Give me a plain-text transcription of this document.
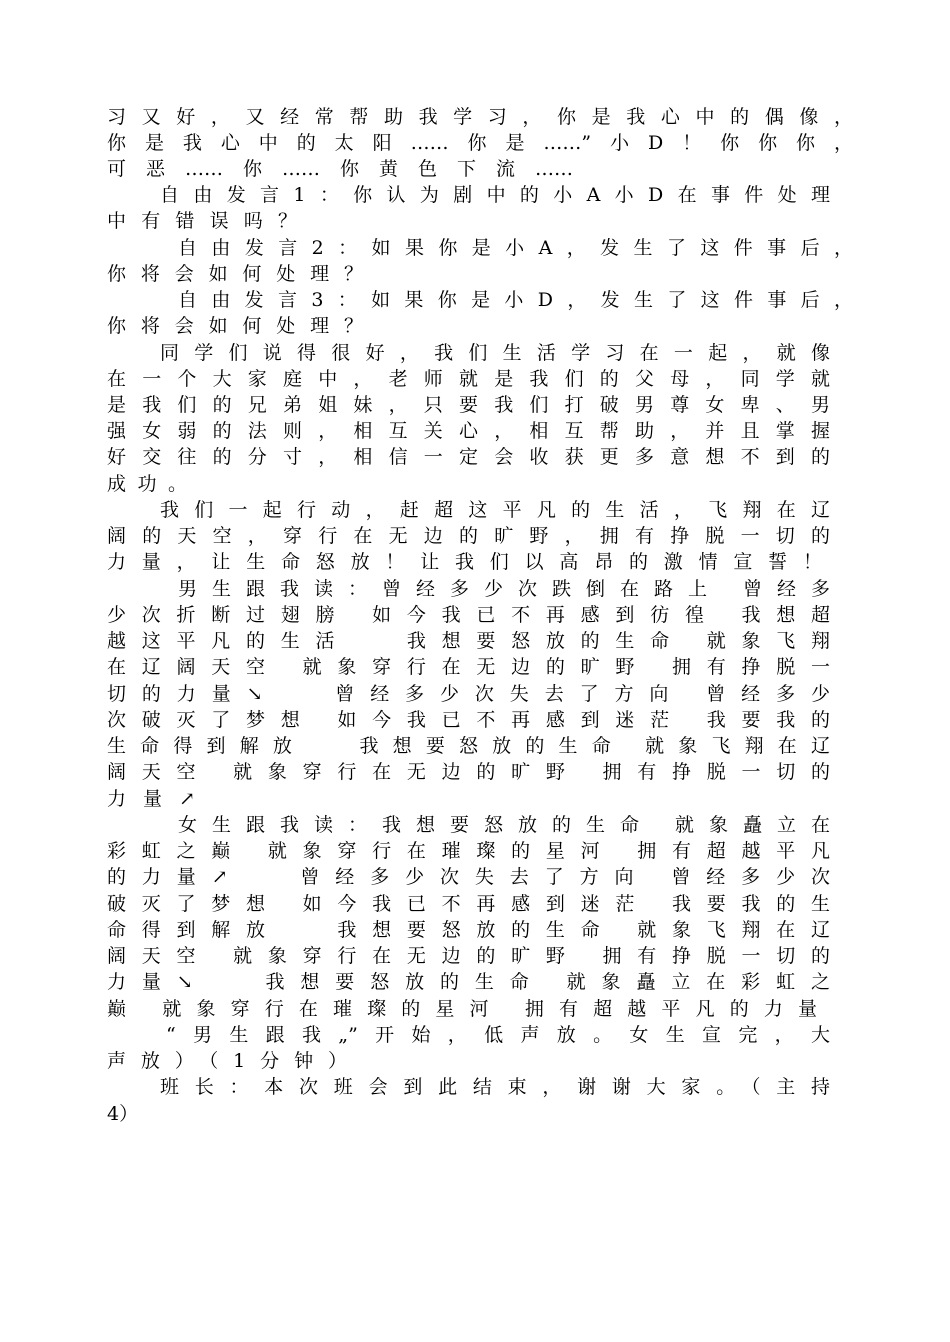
习又好，又经常帮助我学习，你是我心中的偶像，

你是我心中的太阳……你是……”小D！你你你，

可恶……你……你黄色下流……

自由发言1：你认为剧中的小A小D在事件处理

中有错误吗？

自由发言2：如果你是小A，发生了这件事后，

你将会如何处理？

自由发言3：如果你是小D，发生了这件事后，

你将会如何处理？

同学们说得很好，我们生活学习在一起，就像

在一个大家庭中，老师就是我们的父母，同学就

是我们的兄弟姐妹，只要我们打破男尊女卑、男

强女弱的法则，相互关心，相互帮助，并且掌握

好交往的分寸，相信一定会收获更多意想不到的

成功。

我们一起行动，赶超这平凡的生活，飞翔在辽

阔的天空，穿行在无边的旷野，拥有挣脱一切的

力量，让生命怒放！让我们以高昂的激情宣誓！

男生跟我读：曾经多少次跌倒在路上 曾经多

少次折断过翅膀 如今我已不再感到彷徨 我想超

越这平凡的生活　 我想要怒放的生命 就象飞翔

在辽阔天空 就象穿行在无边的旷野 拥有挣脱一

切的力量↘　 曾经多少次失去了方向 曾经多少

次破灭了梦想 如今我已不再感到迷茫 我要我的

生命得到解放　 我想要怒放的生命 就象飞翔在辽

阔天空 就象穿行在无边的旷野 拥有挣脱一切的

力量↗

女生跟我读：我想要怒放的生命 就象矗立在

彩虹之巅 就象穿行在璀璨的星河 拥有超越平凡

的力量↗　 曾经多少次失去了方向 曾经多少次

破灭了梦想 如今我已不再感到迷茫 我要我的生

命得到解放　 我想要怒放的生命 就象飞翔在辽

阔天空 就象穿行在无边的旷野 拥有挣脱一切的

力量↘　 我想要怒放的生命 就象矗立在彩虹之

巅 就象穿行在璀璨的星河 拥有超越平凡的力量

“男生跟我„”开始，低声放。女生宣完，大

声放）（1分钟）

班长：本次班会到此结束，谢谢大家。（主持

4）
